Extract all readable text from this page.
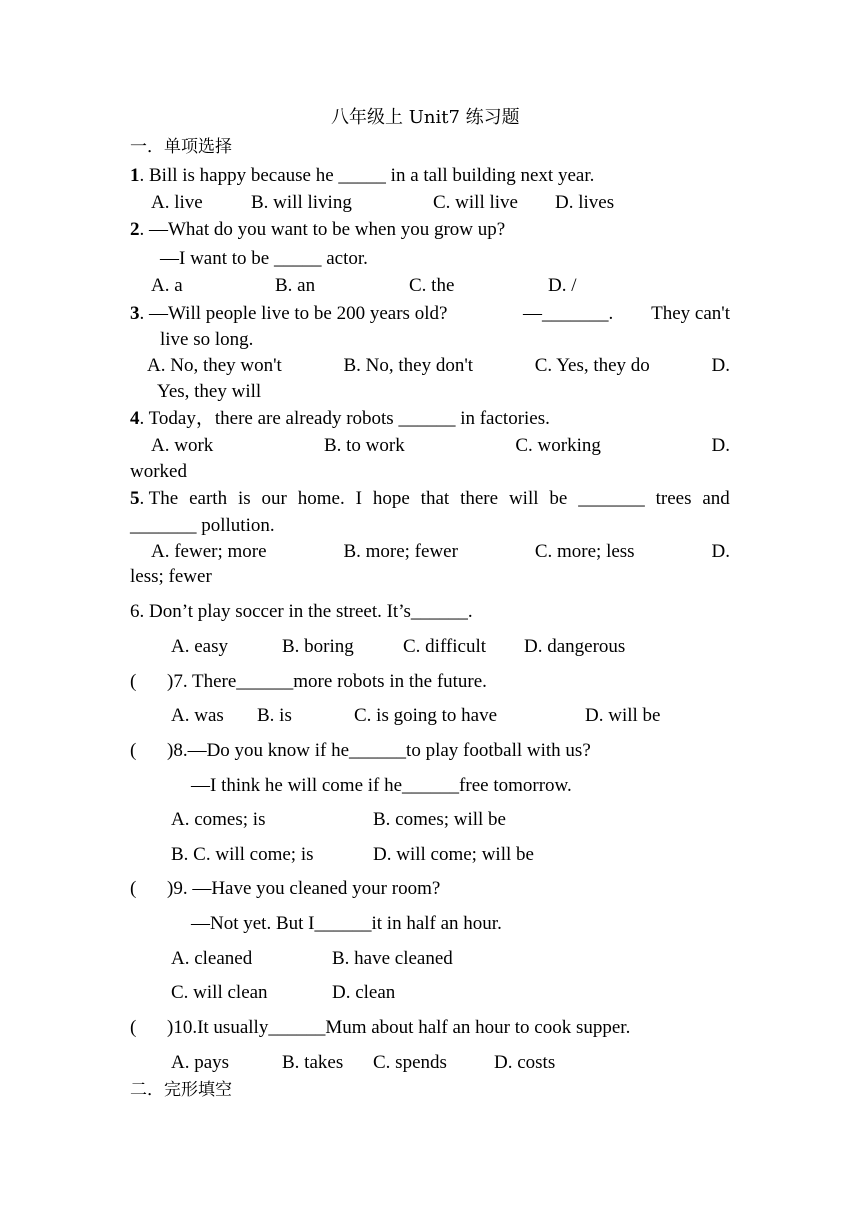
八年级上 Unit7 练习题
一．单项选择
1. Bill is happy because he _____ in a tall building next year.
A. live	B. will living	C. will live D. lives
2. —What do you want to be when you grow up?
—I want to be _____ actor.
A. a	B. an	C. the	D. /
3. —Will people live to be 200 years old?	—_______. They can't
live so long.
A. No, they won't	B. No, they don't	C. Yes, they do	D.
Yes, they will
4. Today，there are already robots ______ in factories.
A. work	B. to work	C. working	D.
worked
5. The earth is our home. I hope that there will be _______ trees and
_______ pollution.
A. fewer; more	B. more; fewer	C. more; less	D.
less; fewer
6. Don’t play soccer in the street. It’s______.
A. easy	B. boring	C. difficult D. dangerous
( )7. There______more robots in the future.
A. was B. is	C. is going to have	D. will be
( )8.—Do you know if he______to play football with us?
—I think he will come if he______free tomorrow.
A. comes; is	B. comes; will be
B. C. will come; is	D. will come; will be
( )9. —Have you cleaned your room?
—Not yet. But I______it in half an hour.
A. cleaned	B. have cleaned
C. will clean	D. clean
( )10.It usually______Mum about half an hour to cook supper.
A. pays	B. takes C. spends D. costs
二．完形填空
